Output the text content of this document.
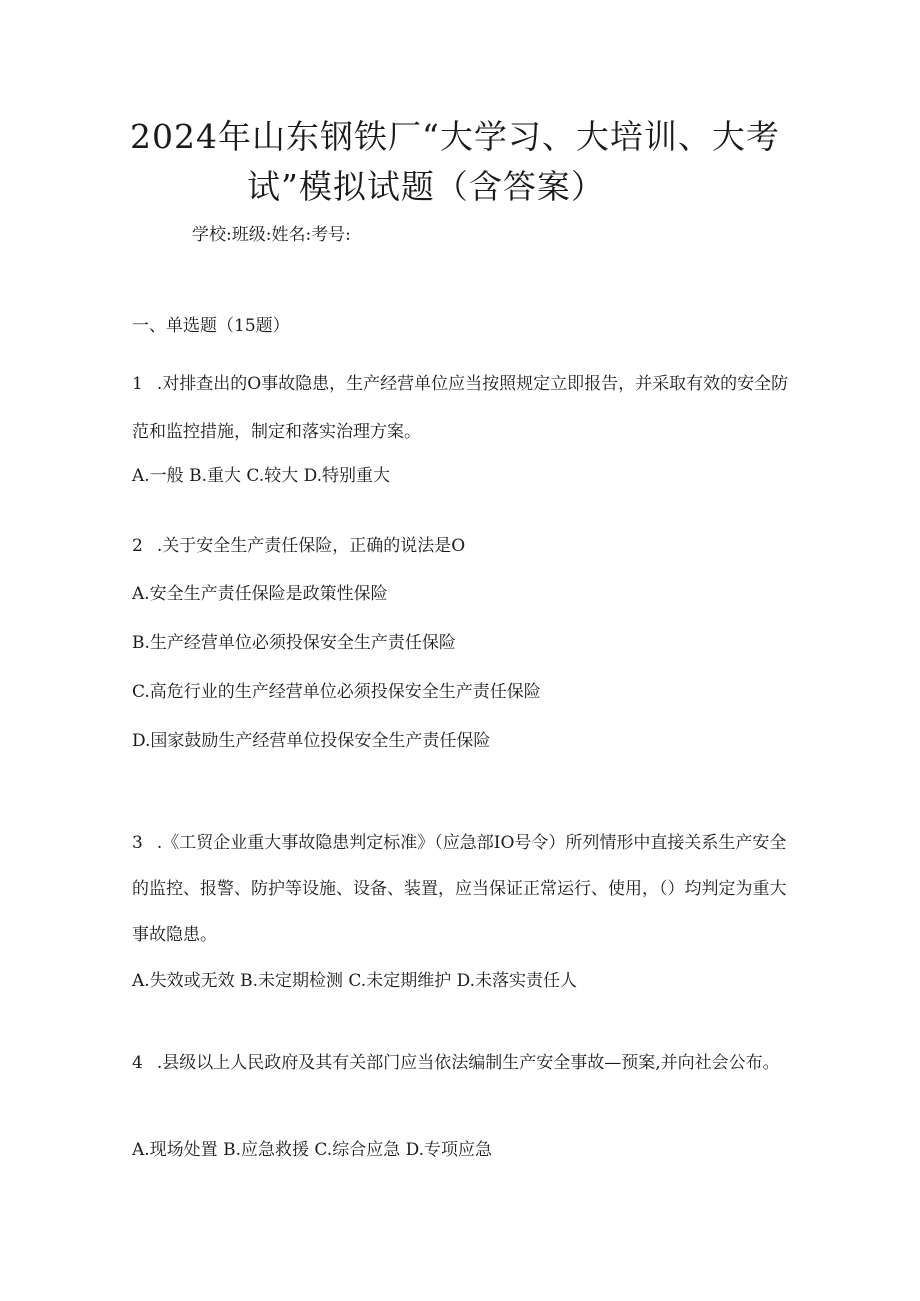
2024年山东钢铁厂“大学习、大培训、大考
试”模拟试题（含答案）
学校:班级:姓名:考号:
一、单选题（15题）

1 .对排查出的O事故隐患，生产经营单位应当按照规定立即报告，并采取有效的安全防范和监控措施，制定和落实治理方案。

A.一般 B.重大 C.较大 D.特别重大

2 .关于安全生产责任保险，正确的说法是O

A.安全生产责任保险是政策性保险
B.生产经营单位必须投保安全生产责任保险
C.高危行业的生产经营单位必须投保安全生产责任保险
D.国家鼓励生产经营单位投保安全生产责任保险

3 .《工贸企业重大事故隐患判定标准》（应急部IO号令）所列情形中直接关系生产安全的监控、报警、防护等设施、设备、装置，应当保证正常运行、使用，（）均判定为重大事故隐患。

A.失效或无效 B.未定期检测 C.未定期维护 D.未落实责任人

4 .县级以上人民政府及其有关部门应当依法编制生产安全事故—预案,并向社会公布。

A.现场处置 B.应急救援 C.综合应急 D.专项应急
